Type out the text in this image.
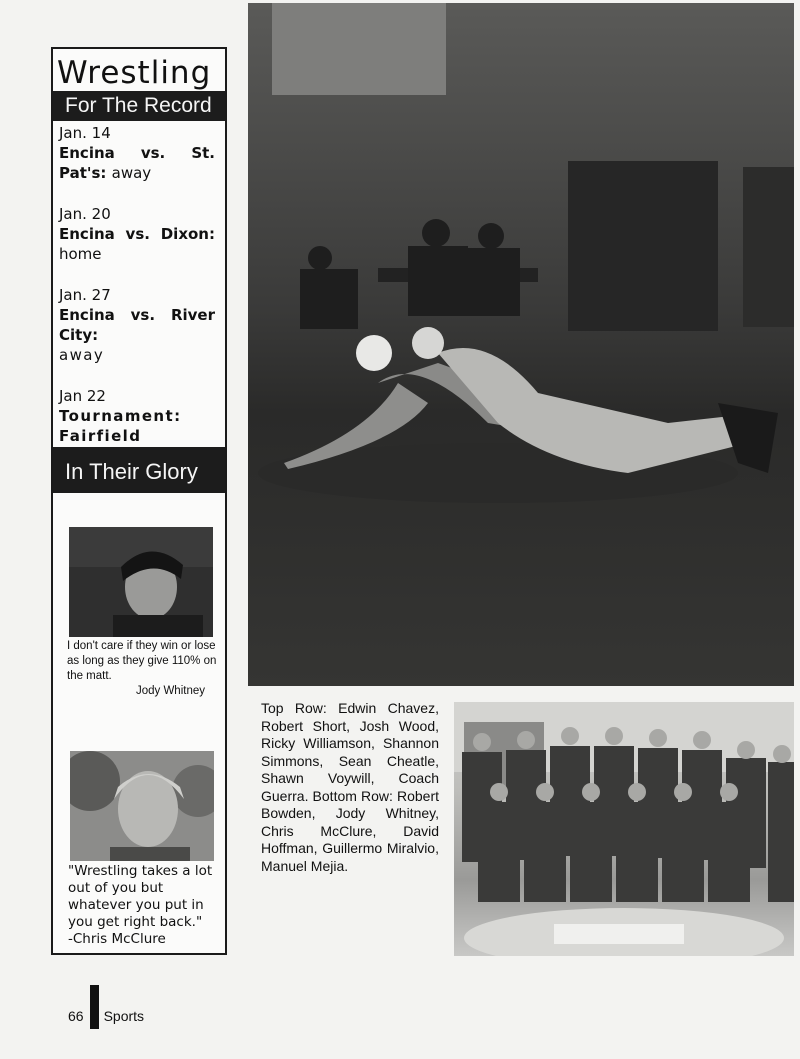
Wrestling
For The Record
Jan. 14
Encina vs. St.
Pat's: away
Jan. 20
Encina vs. Dixon:
home
Jan. 27
Encina vs. River
City:
away
Jan 22
Tournament:
Fairfield
In Their Glory
I don't care if they win or lose as long as they give 110% on the matt.
Jody Whitney
"Wrestling takes a lot out of you but whatever you put in you get right back."
-Chris McClure
Top Row: Edwin Chavez, Robert Short, Josh Wood, Ricky Williamson, Shannon Simmons, Sean Cheatle, Shawn Voywill, Coach Guerra. Bottom Row: Robert Bowden, Jody Whitney, Chris McClure, David Hoffman, Guillermo Miralvio, Manuel Mejia.
66 Sports
